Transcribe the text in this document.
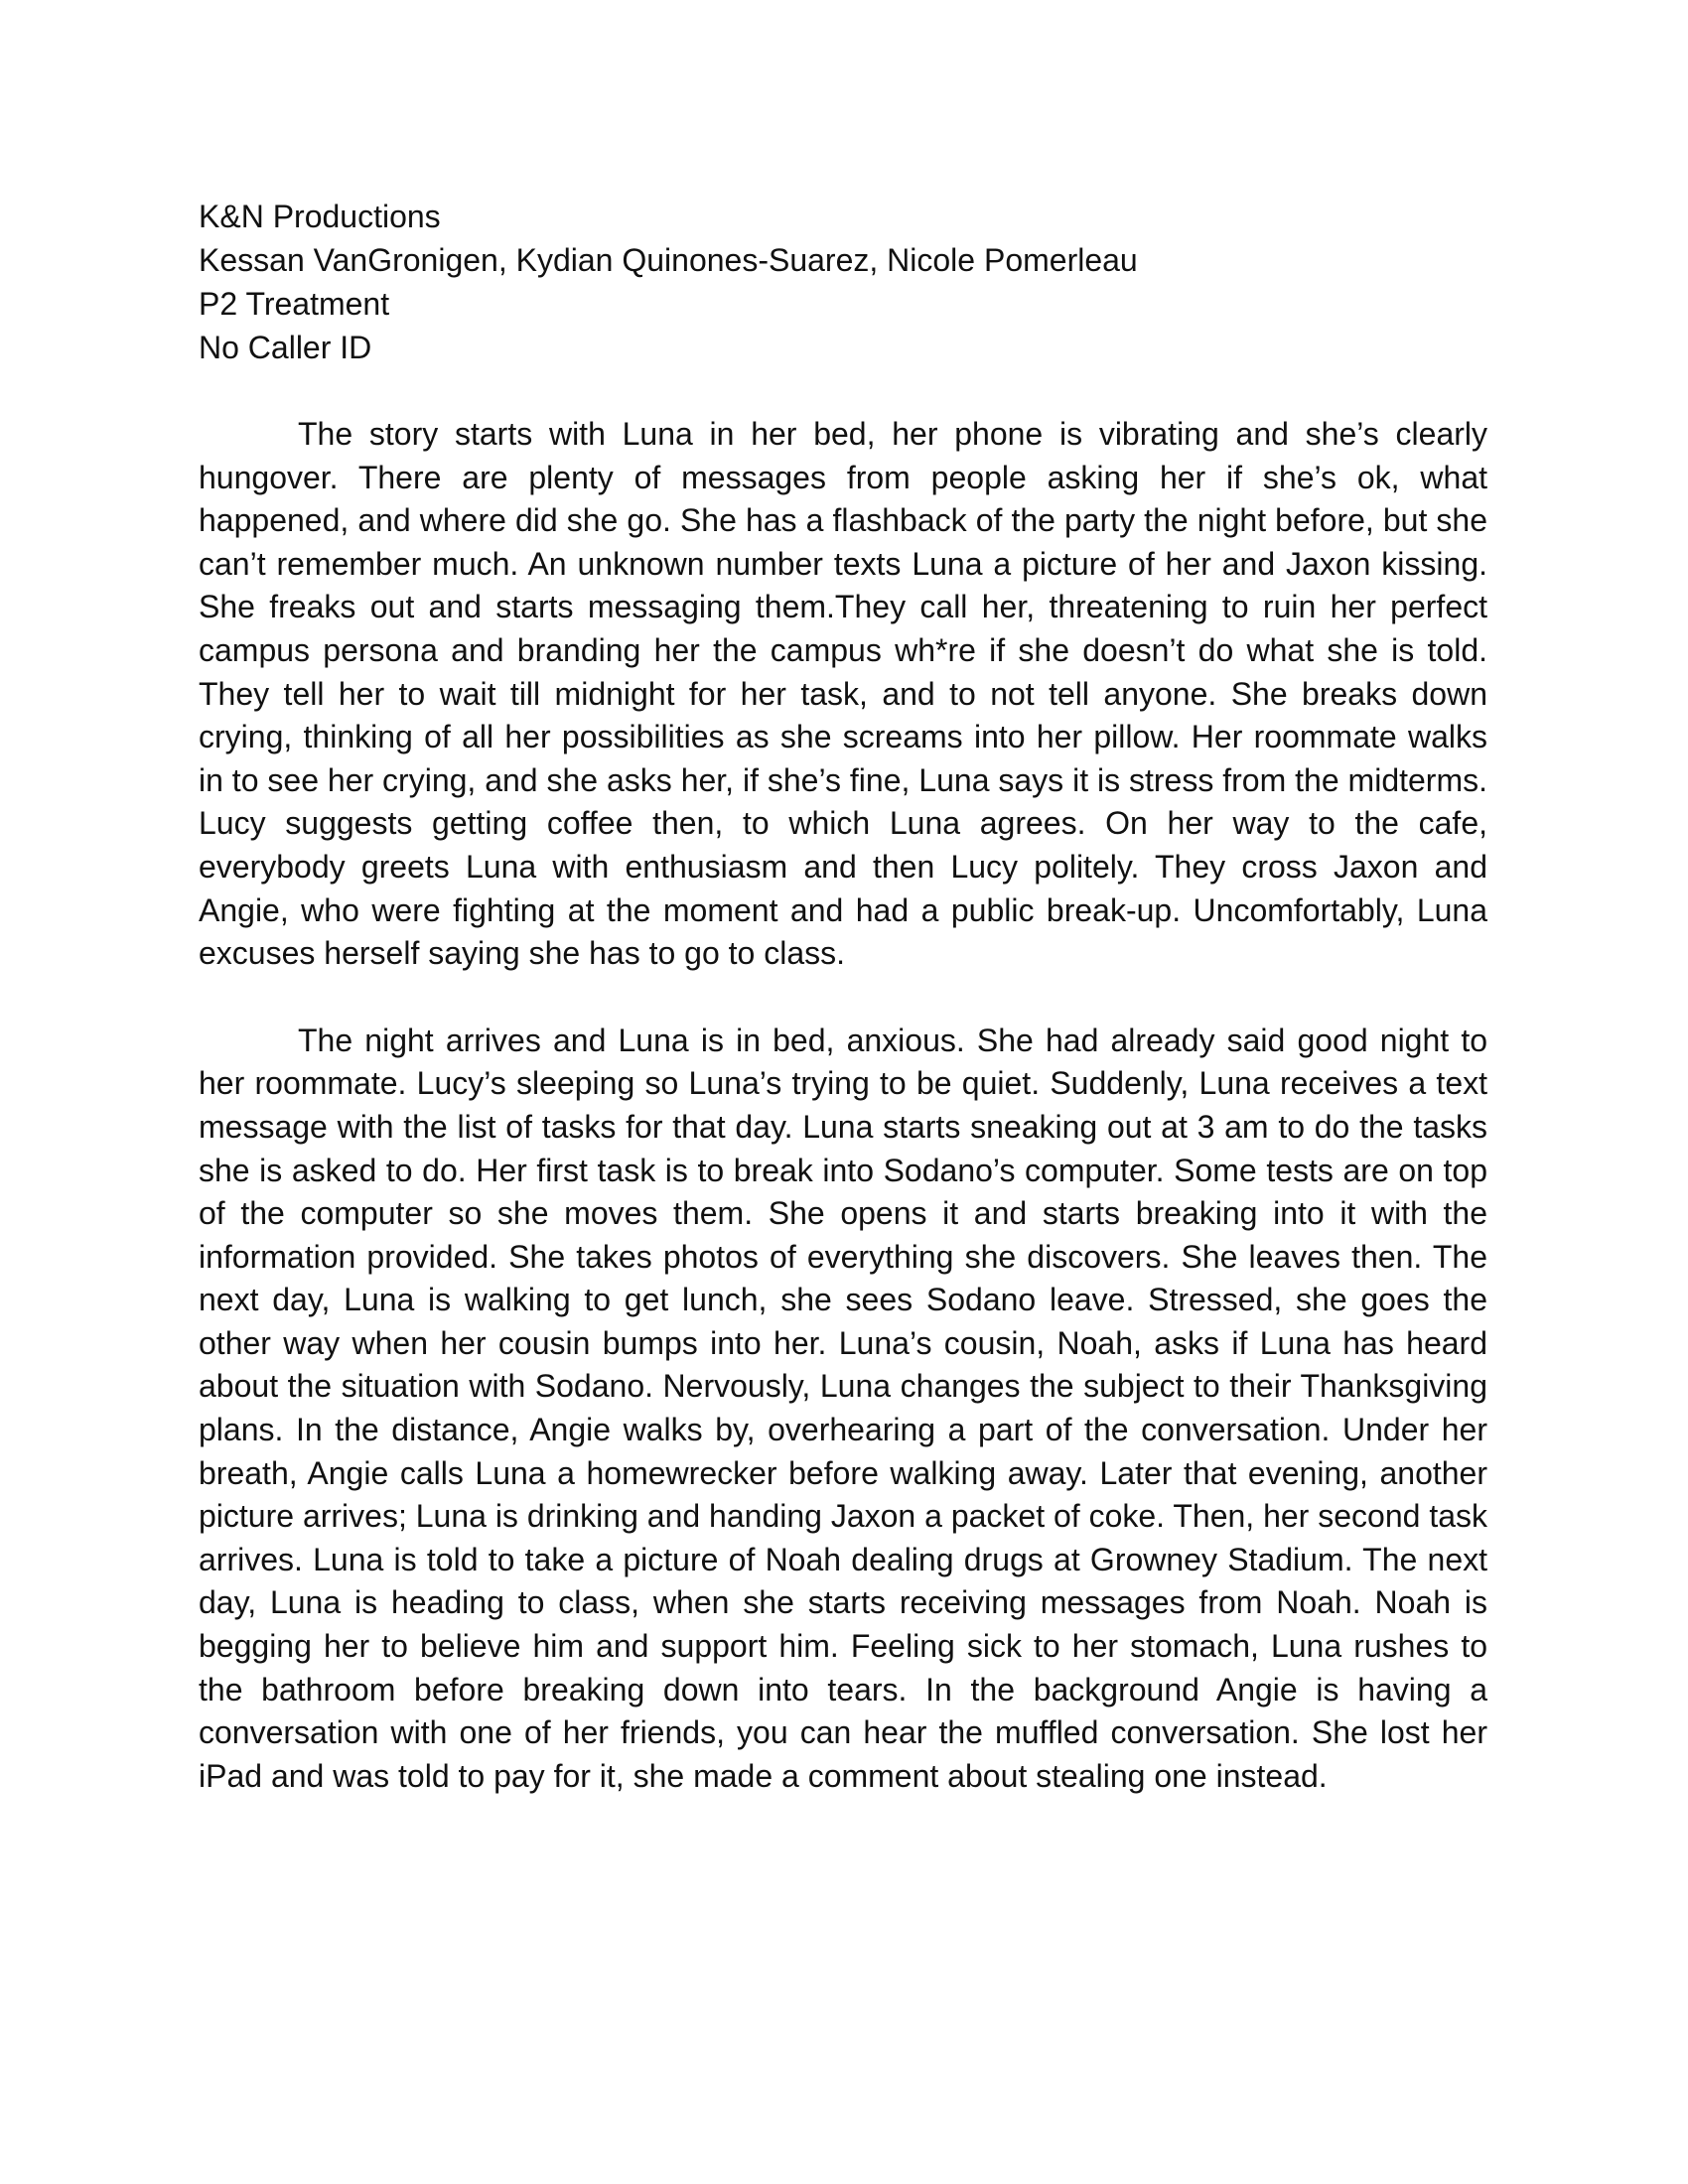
K&N Productions
Kessan VanGronigen, Kydian Quinones-Suarez, Nicole Pomerleau
P2 Treatment
No Caller ID

The story starts with Luna in her bed, her phone is vibrating and she’s clearly hungover. There are plenty of messages from people asking her if she’s ok, what happened, and where did she go. She has a flashback of the party the night before, but she can’t remember much. An unknown number texts Luna a picture of her and Jaxon kissing. She freaks out and starts messaging them.They call her, threatening to ruin her perfect campus persona and branding her the campus wh*re if she doesn’t do what she is told. They tell her to wait till midnight for her task, and to not tell anyone. She breaks down crying, thinking of all her possibilities as she screams into her pillow. Her roommate walks in to see her crying, and she asks her, if she’s fine, Luna says it is stress from the midterms. Lucy suggests getting coffee then, to which Luna agrees. On her way to the cafe, everybody greets Luna with enthusiasm and then Lucy politely. They cross Jaxon and Angie, who were fighting at the moment and had a public break-up. Uncomfortably, Luna excuses herself saying she has to go to class.

The night arrives and Luna is in bed, anxious. She had already said good night to her roommate. Lucy’s sleeping so Luna’s trying to be quiet. Suddenly, Luna receives a text message with the list of tasks for that day. Luna starts sneaking out at 3 am to do the tasks she is asked to do. Her first task is to break into Sodano’s computer. Some tests are on top of the computer so she moves them. She opens it and starts breaking into it with the information provided. She takes photos of everything she discovers. She leaves then. The next day, Luna is walking to get lunch, she sees Sodano leave. Stressed, she goes the other way when her cousin bumps into her. Luna’s cousin, Noah, asks if Luna has heard about the situation with Sodano. Nervously, Luna changes the subject to their Thanksgiving plans. In the distance, Angie walks by, overhearing a part of the conversation. Under her breath, Angie calls Luna a homewrecker before walking away. Later that evening, another picture arrives; Luna is drinking and handing Jaxon a packet of coke. Then, her second task arrives. Luna is told to take a picture of Noah dealing drugs at Growney Stadium. The next day, Luna is heading to class, when she starts receiving messages from Noah. Noah is begging her to believe him and support him. Feeling sick to her stomach, Luna rushes to the bathroom before breaking down into tears. In the background Angie is having a conversation with one of her friends, you can hear the muffled conversation. She lost her iPad and was told to pay for it, she made a comment about stealing one instead.
